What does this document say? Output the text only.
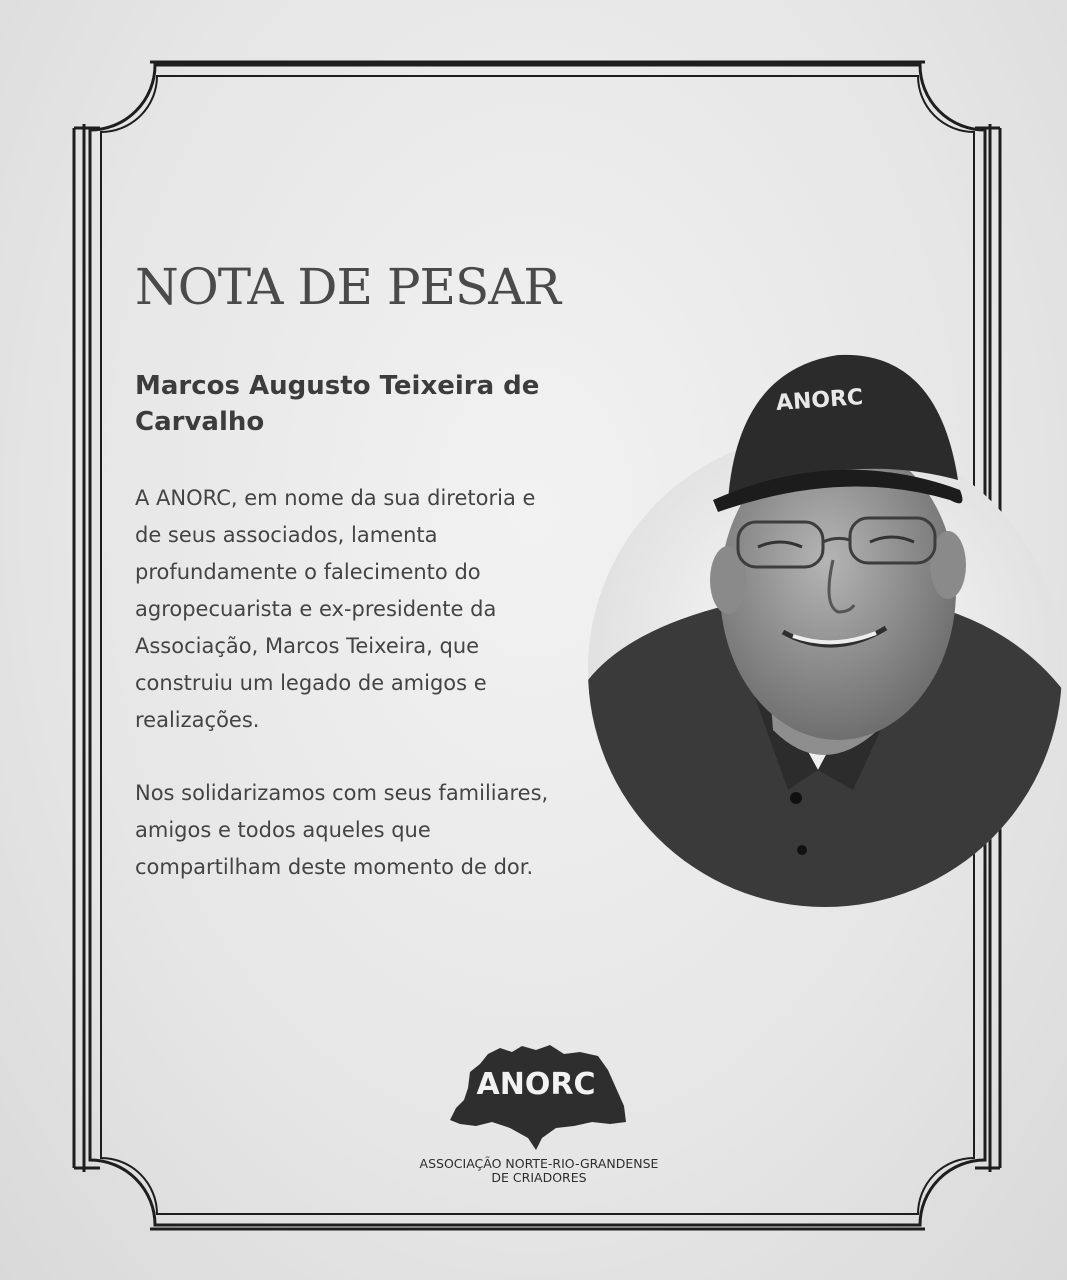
NOTA DE PESAR
Marcos Augusto Teixeira de Carvalho

A ANORC, em nome da sua diretoria e de seus associados, lamenta profundamente o falecimento do agropecuarista e ex-presidente da Associação, Marcos Teixeira, que construiu um legado de amigos e realizações.

Nos solidarizamos com seus familiares, amigos e todos aqueles que compartilham deste momento de dor.

ANORC
ANORC
ASSOCIAÇÃO NORTE-RIO-GRANDENSE
DE CRIADORES
